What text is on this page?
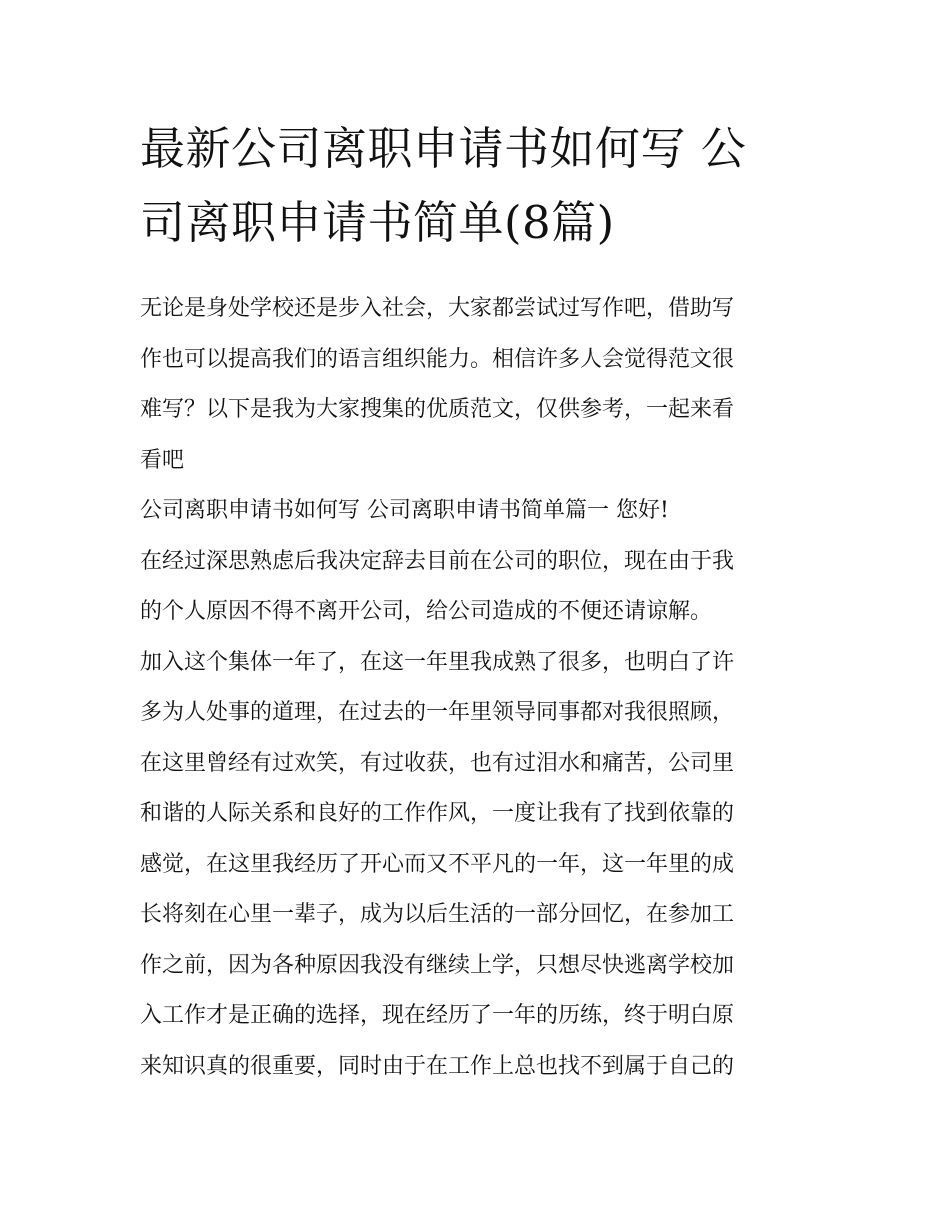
最新公司离职申请书如何写 公
司离职申请书简单(8篇)
无论是身处学校还是步入社会，大家都尝试过写作吧，借助写
作也可以提高我们的语言组织能力。相信许多人会觉得范文很
难写？以下是我为大家搜集的优质范文，仅供参考，一起来看
看吧
公司离职申请书如何写 公司离职申请书简单篇一 您好!
在经过深思熟虑后我决定辞去目前在公司的职位，现在由于我
的个人原因不得不离开公司，给公司造成的不便还请谅解。
加入这个集体一年了，在这一年里我成熟了很多，也明白了许
多为人处事的道理，在过去的一年里领导同事都对我很照顾，
在这里曾经有过欢笑，有过收获，也有过泪水和痛苦，公司里
和谐的人际关系和良好的工作作风，一度让我有了找到依靠的
感觉，在这里我经历了开心而又不平凡的一年，这一年里的成
长将刻在心里一辈子，成为以后生活的一部分回忆，在参加工
作之前，因为各种原因我没有继续上学，只想尽快逃离学校加
入工作才是正确的选择，现在经历了一年的历练，终于明白原
来知识真的很重要，同时由于在工作上总也找不到属于自己的
